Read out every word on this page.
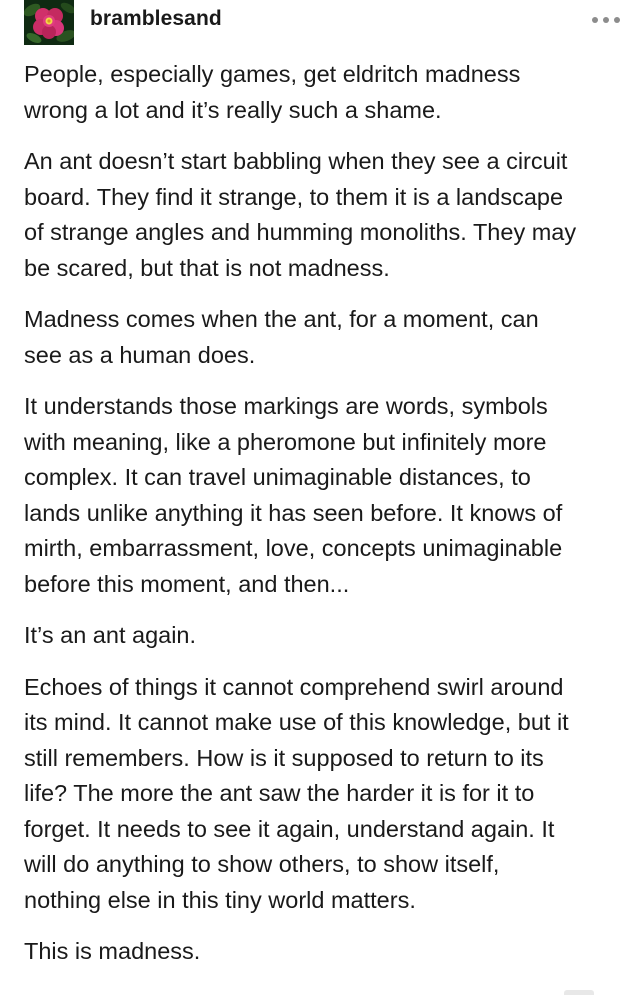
bramblesand

People, especially games, get eldritch madness
wrong a lot and it’s really such a shame.

An ant doesn’t start babbling when they see a circuit
board. They find it strange, to them it is a landscape
of strange angles and humming monoliths. They may
be scared, but that is not madness.

Madness comes when the ant, for a moment, can
see as a human does.

It understands those markings are words, symbols
with meaning, like a pheromone but infinitely more
complex. It can travel unimaginable distances, to
lands unlike anything it has seen before. It knows of
mirth, embarrassment, love, concepts unimaginable
before this moment, and then...

It’s an ant again.

Echoes of things it cannot comprehend swirl around
its mind. It cannot make use of this knowledge, but it
still remembers. How is it supposed to return to its
life? The more the ant saw the harder it is for it to
forget. It needs to see it again, understand again. It
will do anything to show others, to show itself,
nothing else in this tiny world matters.

This is madness.
